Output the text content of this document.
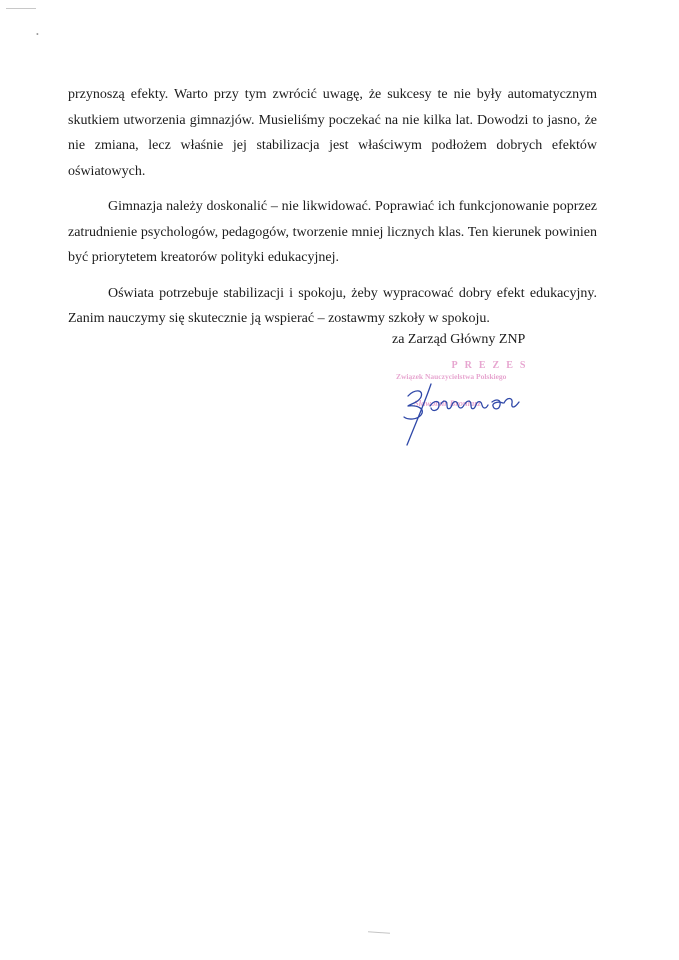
•

przynoszą efekty. Warto przy tym zwrócić uwagę, że sukcesy te nie były automatycznym skutkiem utworzenia gimnazjów. Musieliśmy poczekać na nie kilka lat. Dowodzi to jasno, że nie zmiana, lecz właśnie jej stabilizacja jest właściwym podłożem dobrych efektów oświatowych.

Gimnazja należy doskonalić – nie likwidować. Poprawiać ich funkcjonowanie poprzez zatrudnienie psychologów, pedagogów, tworzenie mniej licznych klas. Ten kierunek powinien być priorytetem kreatorów polityki edukacyjnej.

Oświata potrzebuje stabilizacji i spokoju, żeby wypracować dobry efekt edukacyjny. Zanim nauczymy się skutecznie ją wspierać – zostawmy szkoły w spokoju.

za Zarząd Główny ZNP
PREZES
Związek Nauczycielstwa Polskiego
Sławomir Broniarz
